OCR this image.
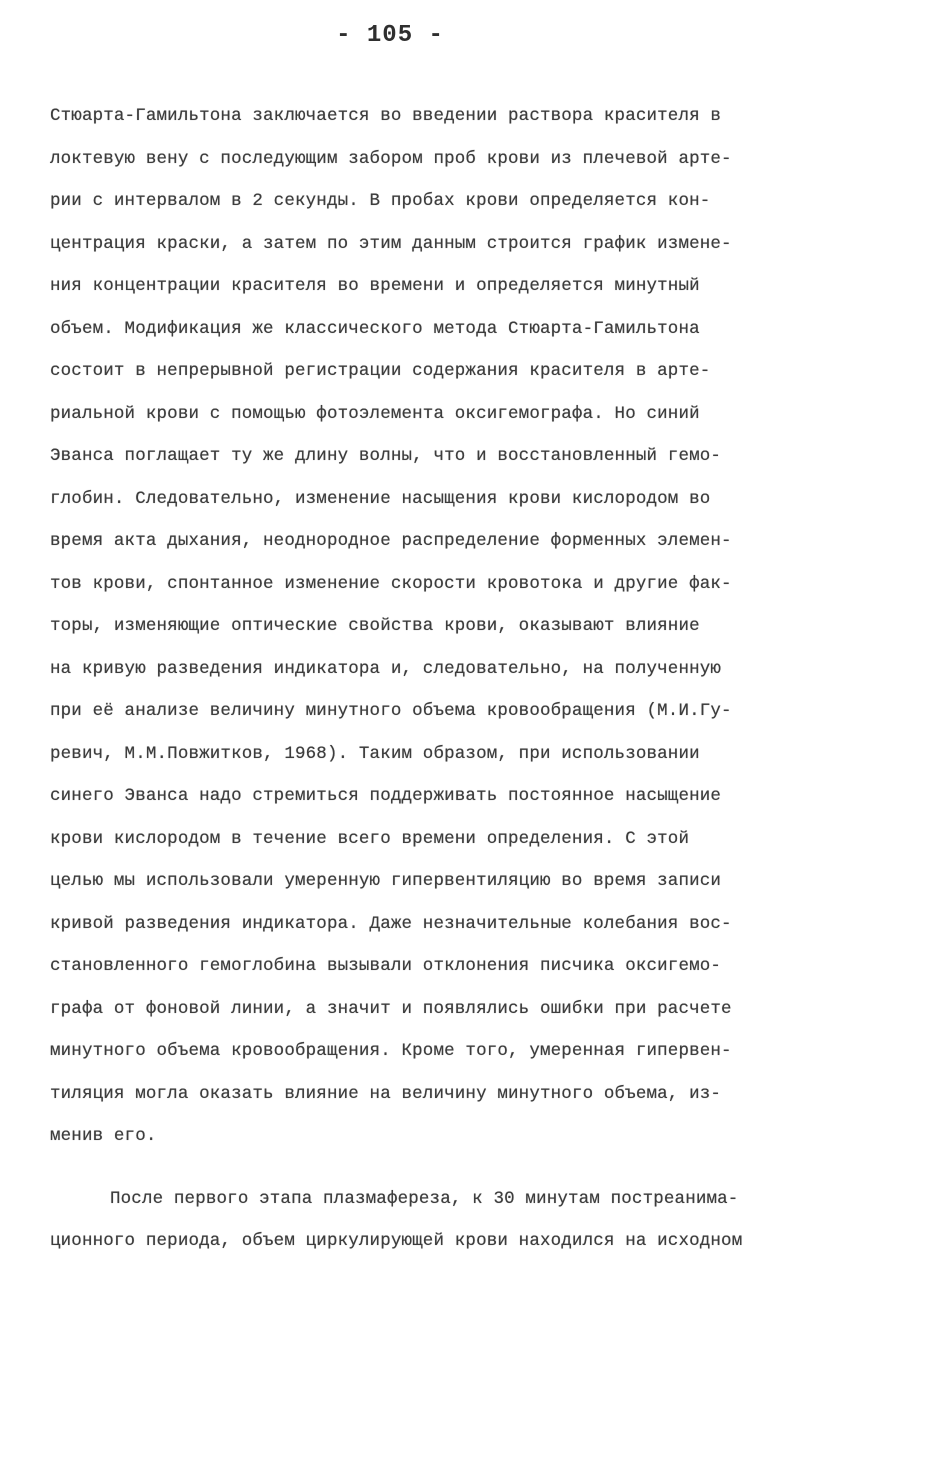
- 105 -
Стюарта-Гамильтона заключается во введении раствора красителя в
локтевую вену с последующим забором проб крови из плечевой арте-
рии с интервалом в 2 секунды. В пробах крови определяется кон-
центрация краски, а затем по этим данным строится график измене-
ния концентрации красителя во времени и определяется минутный
объем. Модификация же классического метода Стюарта-Гамильтона
состоит в непрерывной регистрации содержания красителя в арте-
риальной крови с помощью фотоэлемента оксигемографа. Но синий
Эванса поглащает ту же длину волны, что и восстановленный гемо-
глобин. Следовательно, изменение насыщения крови кислородом во
время акта дыхания, неоднородное распределение форменных элемен-
тов крови, спонтанное изменение скорости кровотока и другие фак-
торы, изменяющие оптические свойства крови, оказывают влияние
на кривую разведения индикатора и, следовательно, на полученную
при её анализе величину минутного объема кровообращения (М.И.Гу-
ревич, М.М.Повжитков, 1968). Таким образом, при использовании
синего Эванса надо стремиться поддерживать постоянное насыщение
крови кислородом в течение всего времени определения. С этой
целью мы использовали умеренную гипервентиляцию во время записи
кривой разведения индикатора. Даже незначительные колебания вос-
становленного гемоглобина вызывали отклонения писчика оксигемо-
графа от фоновой линии, а значит и появлялись ошибки при расчете
минутного объема кровообращения. Кроме того, умеренная гипервен-
тиляция могла оказать влияние на величину минутного объема, из-
менив его.
После первого этапа плазмафереза, к 30 минутам постреанима-
ционного периода, объем циркулирующей крови находился на исходном
